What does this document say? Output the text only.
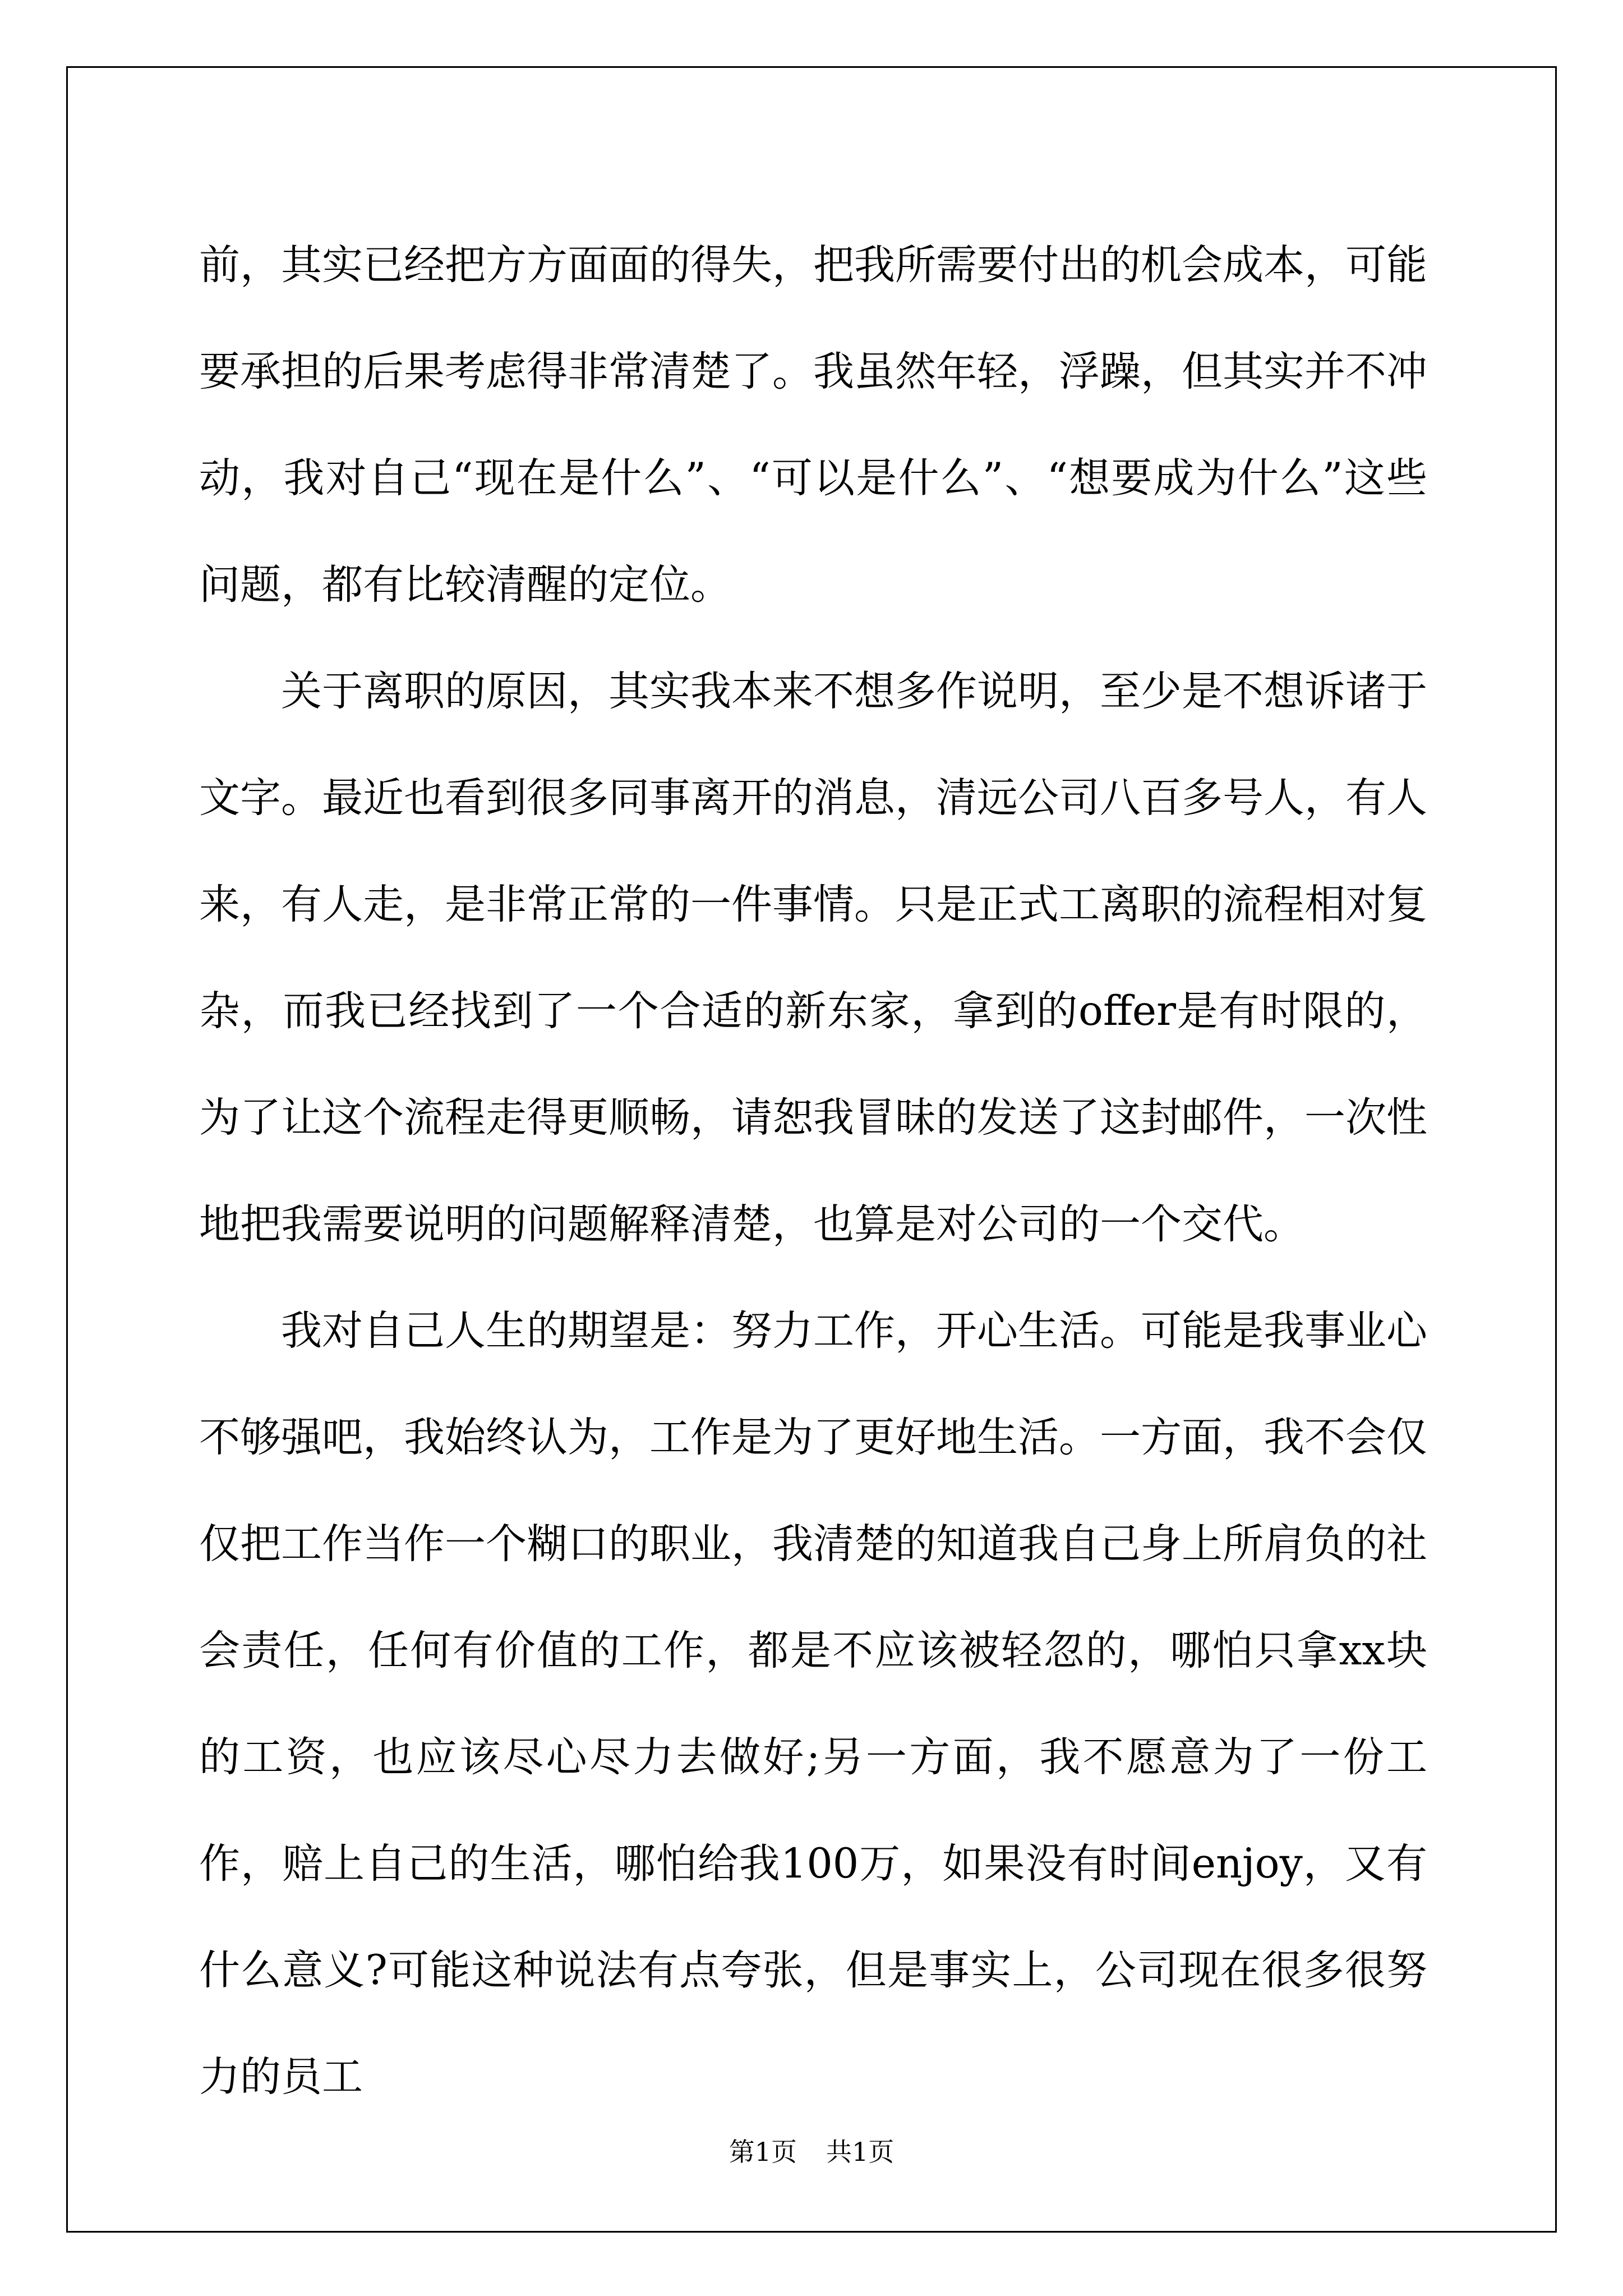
前，其实已经把方方面面的得失，把我所需要付出的机会成本，可能要承担的后果考虑得非常清楚了。我虽然年轻，浮躁，但其实并不冲动，我对自己“现在是什么”、“可以是什么”、“想要成为什么”这些问题，都有比较清醒的定位。

关于离职的原因，其实我本来不想多作说明，至少是不想诉诸于文字。最近也看到很多同事离开的消息，清远公司八百多号人，有人来，有人走，是非常正常的一件事情。只是正式工离职的流程相对复杂，而我已经找到了一个合适的新东家，拿到的offer是有时限的，为了让这个流程走得更顺畅，请恕我冒昧的发送了这封邮件，一次性地把我需要说明的问题解释清楚，也算是对公司的一个交代。

我对自己人生的期望是：努力工作，开心生活。可能是我事业心不够强吧，我始终认为，工作是为了更好地生活。一方面，我不会仅仅把工作当作一个糊口的职业，我清楚的知道我自己身上所肩负的社会责任，任何有价值的工作，都是不应该被轻忽的，哪怕只拿xx块的工资，也应该尽心尽力去做好;另一方面，我不愿意为了一份工作，赔上自己的生活，哪怕给我100万，如果没有时间enjoy，又有什么意义?可能这种说法有点夸张，但是事实上，公司现在很多很努力的员工

第1页 共1页
